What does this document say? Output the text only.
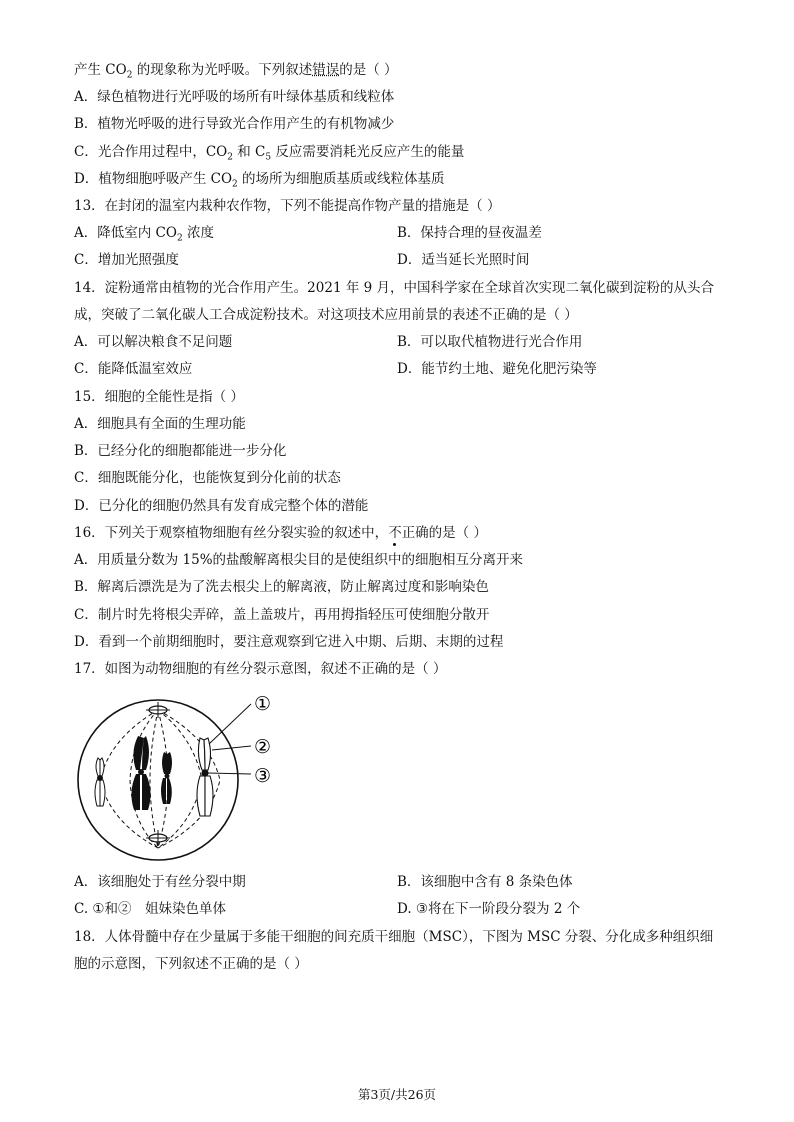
产生 $CO_2$ 的现象称为光呼吸。下列叙述错误的是（ ）
A．绿色植物进行光呼吸的场所有叶绿体基质和线粒体
B．植物光呼吸的进行导致光合作用产生的有机物减少
C．光合作用过程中，$CO_2$ 和 $C_5$ 反应需要消耗光反应产生的能量
D．植物细胞呼吸产生 $CO_2$ 的场所为细胞质基质或线粒体基质
13．在封闭的温室内栽种农作物，下列不能提高作物产量的措施是（ ）
A．降低室内 $CO_2$ 浓度	B．保持合理的昼夜温差
C．增加光照强度	D．适当延长光照时间
14．淀粉通常由植物的光合作用产生。2021 年 9 月，中国科学家在全球首次实现二氧化碳到淀粉的从头合
成，突破了二氧化碳人工合成淀粉技术。对这项技术应用前景的表述不正确的是（ ）
A．可以解决粮食不足问题	B．可以取代植物进行光合作用
C．能降低温室效应	D．能节约土地、避免化肥污染等
15．细胞的全能性是指（ ）
A．细胞具有全面的生理功能
B．已经分化的细胞都能进一步分化
C．细胞既能分化，也能恢复到分化前的状态
D．已分化的细胞仍然具有发育成完整个体的潜能
16．下列关于观察植物细胞有丝分裂实验的叙述中，不正确的是（ ）
A．用质量分数为 15%的盐酸解离根尖目的是使组织中的细胞相互分离开来
B．解离后漂洗是为了洗去根尖上的解离液，防止解离过度和影响染色
C．制片时先将根尖弄碎，盖上盖玻片，再用拇指轻压可使细胞分散开
D．看到一个前期细胞时，要注意观察到它进入中期、后期、末期的过程
17．如图为动物细胞的有丝分裂示意图，叙述不正确的是（ ）
①
②
③
A．该细胞处于有丝分裂中期	B．该细胞中含有 8 条染色体
C. ①和②　姐妹染色单体	D. ③将在下一阶段分裂为 2 个
18．人体骨髓中存在少量属于多能干细胞的间充质干细胞（MSC），下图为 MSC 分裂、分化成多种组织细
胞的示意图，下列叙述不正确的是（ ）
第3页/共26页
